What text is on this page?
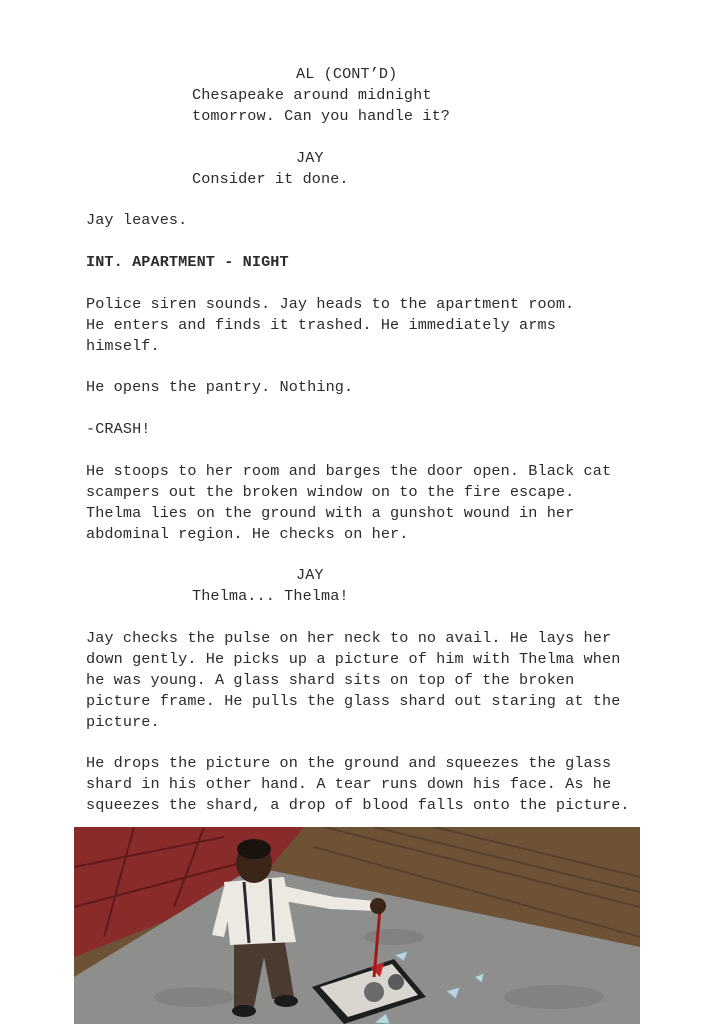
AL (CONT’D)
Chesapeake around midnight
tomorrow. Can you handle it?
JAY
Consider it done.
Jay leaves.
INT. APARTMENT - NIGHT
Police siren sounds. Jay heads to the apartment room.
He enters and finds it trashed. He immediately arms
himself.
He opens the pantry. Nothing.
-CRASH!
He stoops to her room and barges the door open. Black cat
scampers out the broken window on to the fire escape.
Thelma lies on the ground with a gunshot wound in her
abdominal region. He checks on her.
JAY
Thelma... Thelma!
Jay checks the pulse on her neck to no avail. He lays her
down gently. He picks up a picture of him with Thelma when
he was young. A glass shard sits on top of the broken
picture frame. He pulls the glass shard out staring at the
picture.
He drops the picture on the ground and squeezes the glass
shard in his other hand. A tear runs down his face. As he
squeezes the shard, a drop of blood falls onto the picture.
